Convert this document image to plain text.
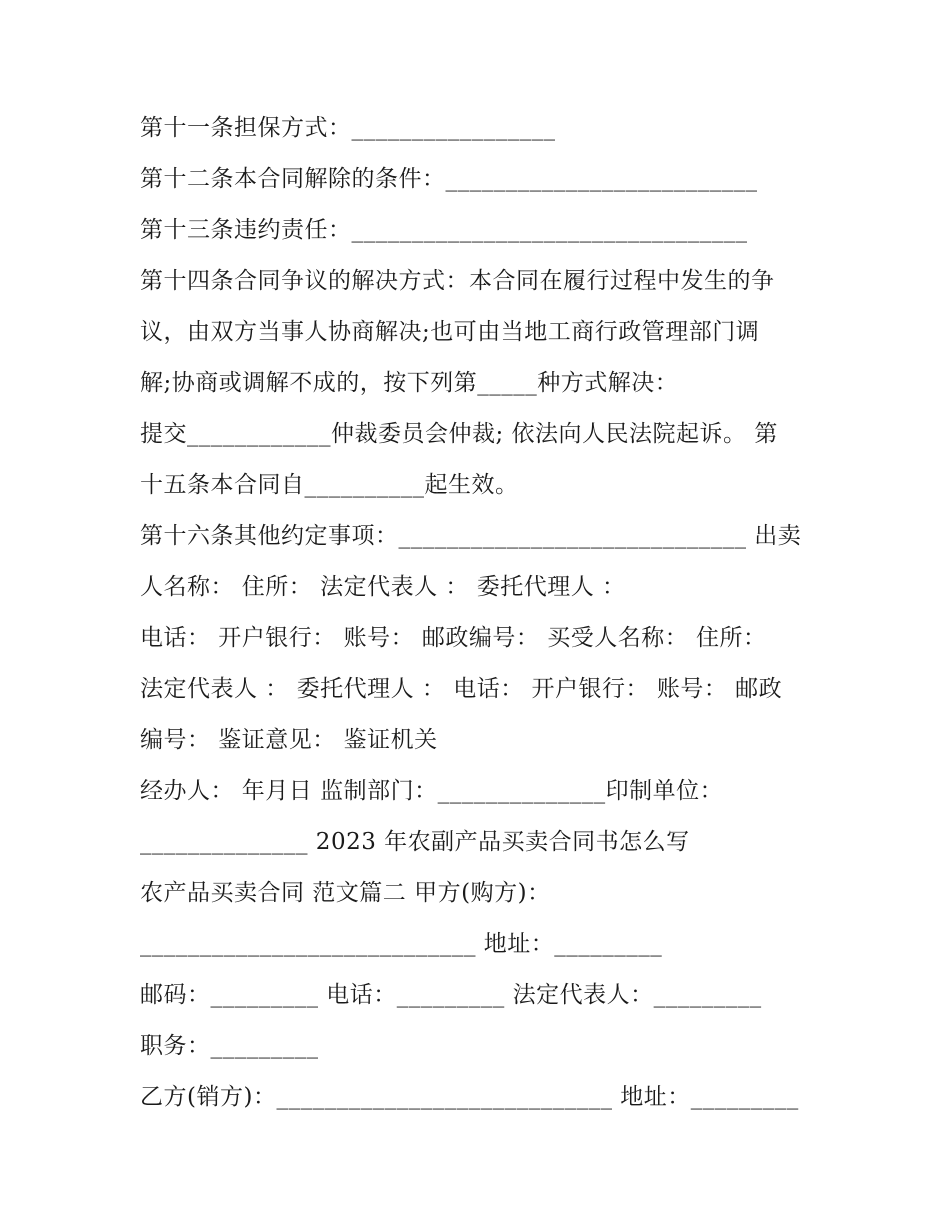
第十一条担保方式：_________________
第十二条本合同解除的条件：__________________________
第十三条违约责任：_________________________________
第十四条合同争议的解决方式：本合同在履行过程中发生的争
议，由双方当事人协商解决;也可由当地工商行政管理部门调
解;协商或调解不成的，按下列第_____种方式解决：
提交____________仲裁委员会仲裁; 依法向人民法院起诉。 第
十五条本合同自__________起生效。
第十六条其他约定事项：_____________________________ 出卖
人名称： 住所： 法定代表人 ： 委托代理人 ：
电话： 开户银行： 账号： 邮政编号： 买受人名称： 住所：
法定代表人 ： 委托代理人 ： 电话： 开户银行： 账号： 邮政
编号： 鉴证意见： 鉴证机关
经办人： 年月日 监制部门：______________印制单位：
______________ 2023 年农副产品买卖合同书怎么写
农产品买卖合同 范文篇二 甲方(购方)：
____________________________ 地址：_________
邮码：_________ 电话：_________ 法定代表人：_________
职务：_________
乙方(销方)：____________________________ 地址：_________
